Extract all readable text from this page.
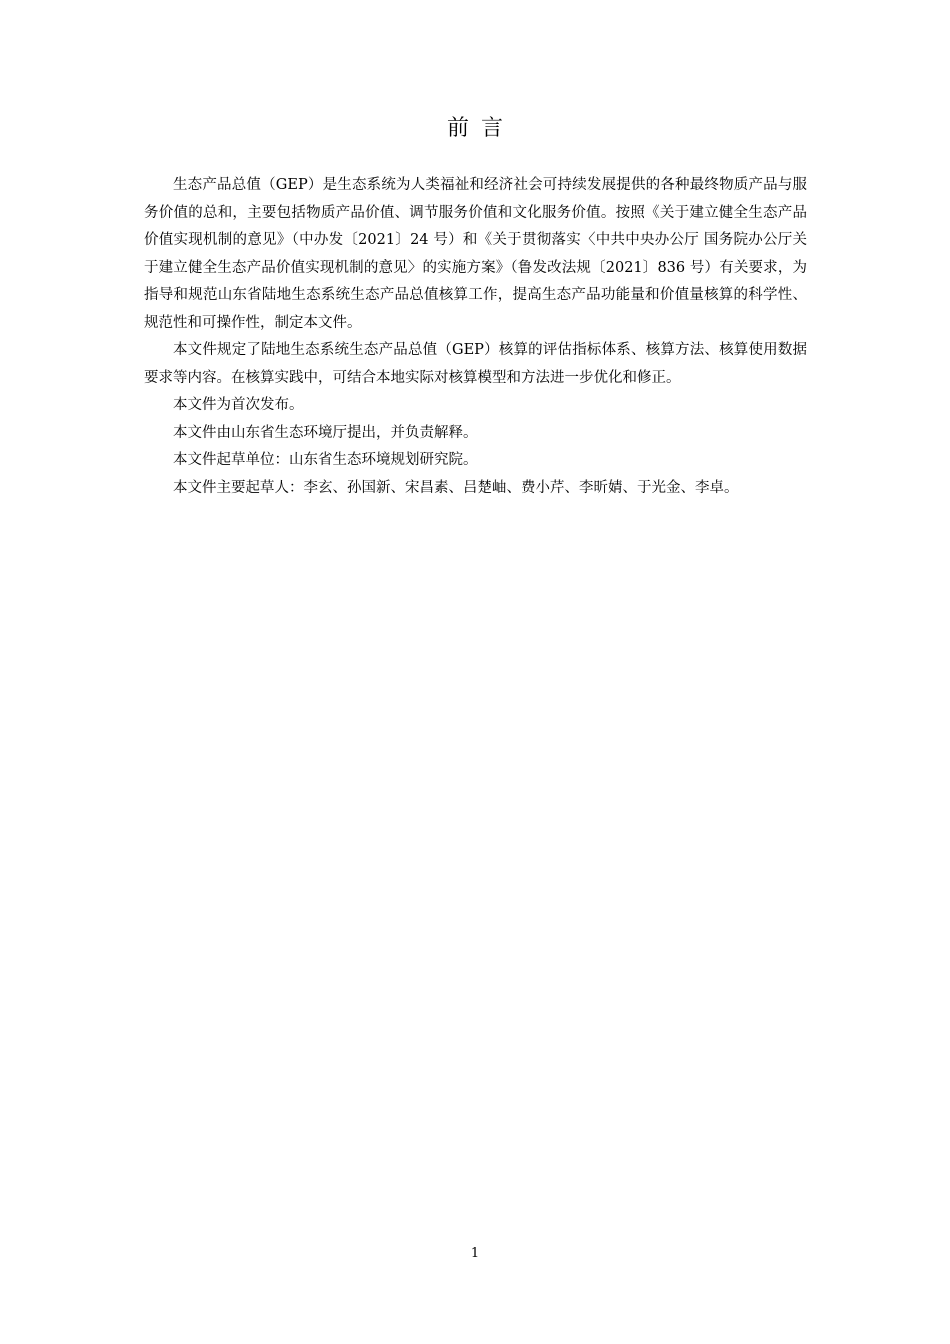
前言

生态产品总值（GEP）是生态系统为人类福祉和经济社会可持续发展提供的各种最终物质产品与服务价值的总和，主要包括物质产品价值、调节服务价值和文化服务价值。按照《关于建立健全生态产品价值实现机制的意见》（中办发〔2021〕24 号）和《关于贯彻落实〈中共中央办公厅 国务院办公厅关于建立健全生态产品价值实现机制的意见〉的实施方案》（鲁发改法规〔2021〕836 号）有关要求，为指导和规范山东省陆地生态系统生态产品总值核算工作，提高生态产品功能量和价值量核算的科学性、规范性和可操作性，制定本文件。

本文件规定了陆地生态系统生态产品总值（GEP）核算的评估指标体系、核算方法、核算使用数据要求等内容。在核算实践中，可结合本地实际对核算模型和方法进一步优化和修正。

本文件为首次发布。

本文件由山东省生态环境厅提出，并负责解释。

本文件起草单位：山东省生态环境规划研究院。

本文件主要起草人：李玄、孙国新、宋昌素、吕楚岫、费小芹、李昕婧、于光金、李卓。

1
